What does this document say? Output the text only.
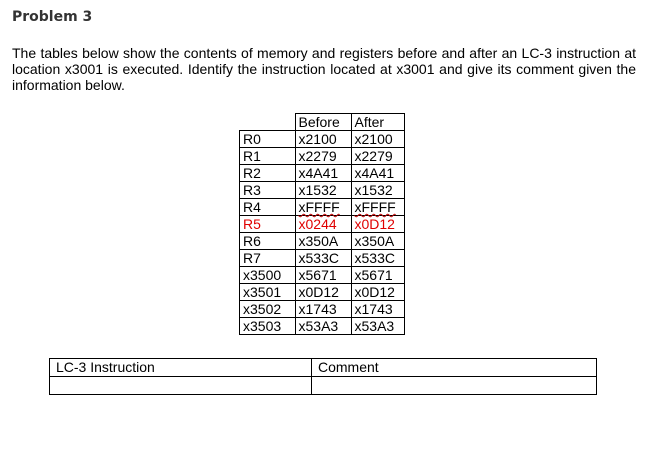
Problem 3

The tables below show the contents of memory and registers before and after an LC-3 instruction at location x3001 is executed. Identify the instruction located at x3001 and give its comment given the information below.

	Before	After
R0	x2100	x2100
R1	x2279	x2279
R2	x4A41	x4A41
R3	x1532	x1532
R4	xFFFF	xFFFF
R5	x0244	x0D12
R6	x350A	x350A
R7	x533C	x533C
x3500	x5671	x5671
x3501	x0D12	x0D12
x3502	x1743	x1743
x3503	x53A3	x53A3
LC-3 Instruction	Comment
